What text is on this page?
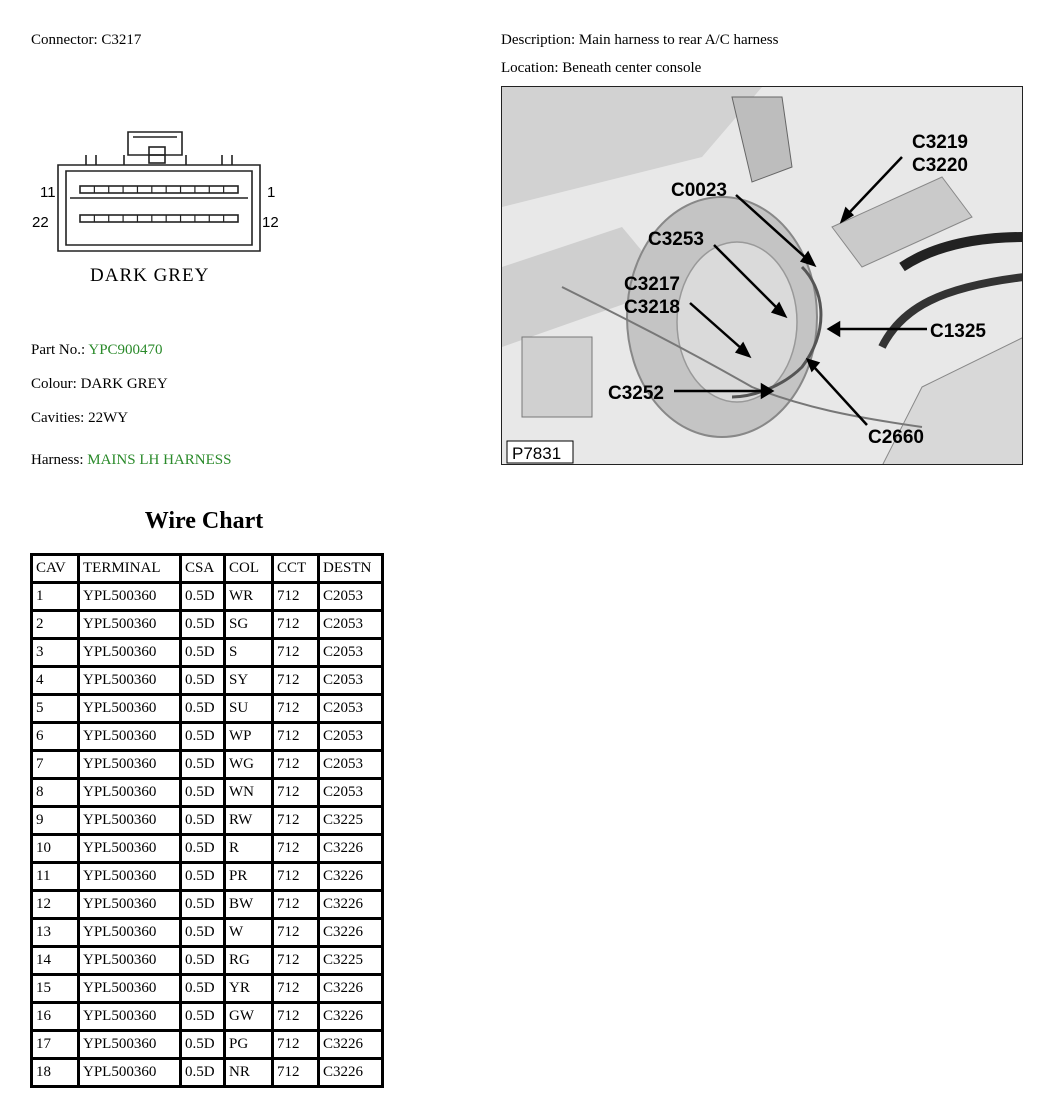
Connector: C3217	Description: Main harness to rear A/C harness
Location: Beneath center console
11	1
22	12
DARK GREY
C3219
C3220
C0023
C3253
C3217
C3218
C1325
C3252
C2660
P7831
Part No.: YPC900470
Colour: DARK GREY
Cavities: 22WY
Harness: MAINS LH HARNESS
Wire Chart
CAV	TERMINAL	CSA	COL	CCT	DESTN
1	YPL500360	0.5D	WR	712	C2053
2	YPL500360	0.5D	SG	712	C2053
3	YPL500360	0.5D	S	712	C2053
4	YPL500360	0.5D	SY	712	C2053
5	YPL500360	0.5D	SU	712	C2053
6	YPL500360	0.5D	WP	712	C2053
7	YPL500360	0.5D	WG	712	C2053
8	YPL500360	0.5D	WN	712	C2053
9	YPL500360	0.5D	RW	712	C3225
10	YPL500360	0.5D	R	712	C3226
11	YPL500360	0.5D	PR	712	C3226
12	YPL500360	0.5D	BW	712	C3226
13	YPL500360	0.5D	W	712	C3226
14	YPL500360	0.5D	RG	712	C3225
15	YPL500360	0.5D	YR	712	C3226
16	YPL500360	0.5D	GW	712	C3226
17	YPL500360	0.5D	PG	712	C3226
18	YPL500360	0.5D	NR	712	C3226
